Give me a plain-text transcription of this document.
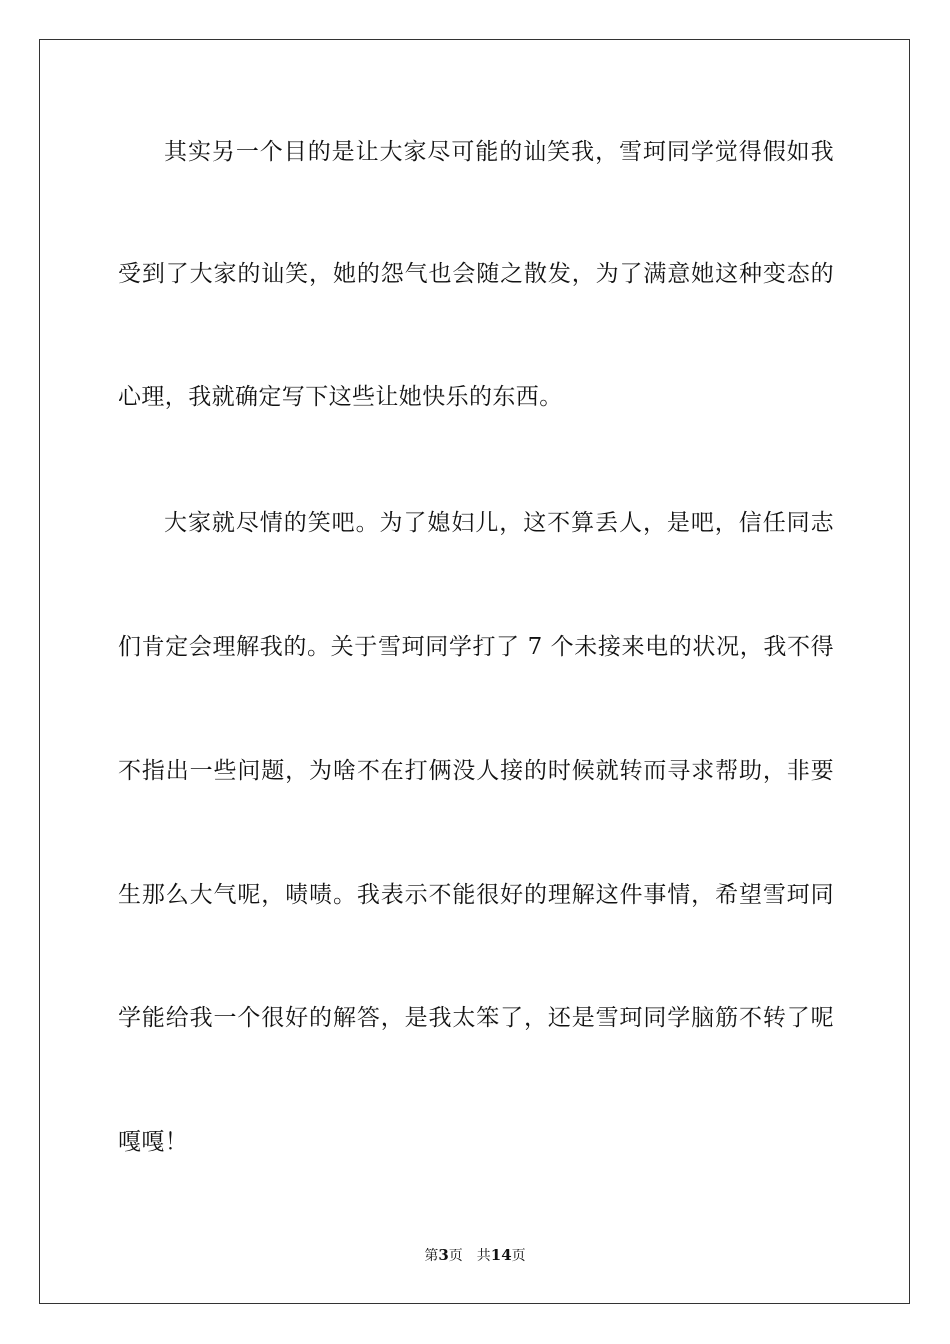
其实另一个目的是让大家尽可能的讪笑我，雪珂同学觉得假如我
受到了大家的讪笑，她的怨气也会随之散发，为了满意她这种变态的
心理，我就确定写下这些让她快乐的东西。
大家就尽情的笑吧。为了媳妇儿，这不算丢人，是吧，信任同志
们肯定会理解我的。关于雪珂同学打了 7 个未接来电的状况，我不得
不指出一些问题，为啥不在打俩没人接的时候就转而寻求帮助，非要
生那么大气呢，啧啧。我表示不能很好的理解这件事情，希望雪珂同
学能给我一个很好的解答，是我太笨了，还是雪珂同学脑筋不转了呢
嘎嘎！
第3页 共14页
